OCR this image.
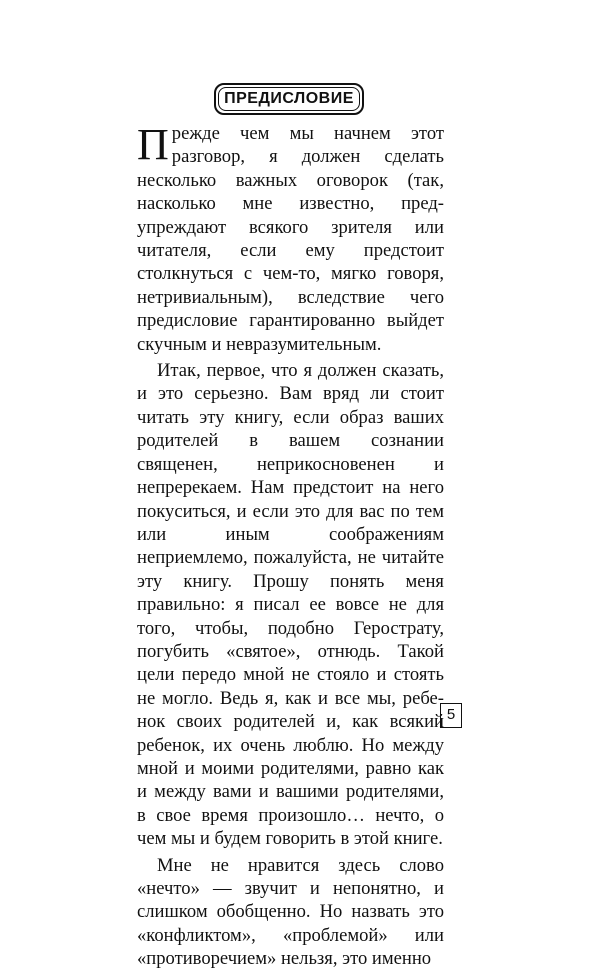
ПРЕДИСЛОВИЕ

Прежде чем мы начнем этот разговор, я должен сделать несколько важных оговорок (так, насколько мне известно, предупреждают всякого зрителя или читателя, если ему предстоит столкнуться с чем-то, мягко говоря, нетривиальным), вследствие чего предисловие гарантированно выйдет скучным и невразумительным.

Итак, первое, что я должен сказать, и это серьезно. Вам вряд ли стоит читать эту книгу, если образ ваших родителей в вашем сознании священен, неприкосновенен и непререкаем. Нам предстоит на него покуситься, и если это для вас по тем или иным соображениям неприемлемо, пожалуйста, не читайте эту книгу. Прошу понять меня правильно: я писал ее вовсе не для того, чтобы, подобно Герострату, погубить «святое», отнюдь. Такой цели передо мной не стояло и стоять не могло. Ведь я, как и все мы, ребенок своих родителей и, как всякий ребенок, их очень люблю. Но между мной и моими родителями, равно как и между вами и вашими родителями, в свое время произошло… нечто, о чем мы и будем говорить в этой книге.

Мне не нравится здесь слово «нечто» — звучит и непонятно, и слишком обобщенно. Но назвать это «конфликтом», «проблемой» или «противоречием» нельзя, это именно

5
